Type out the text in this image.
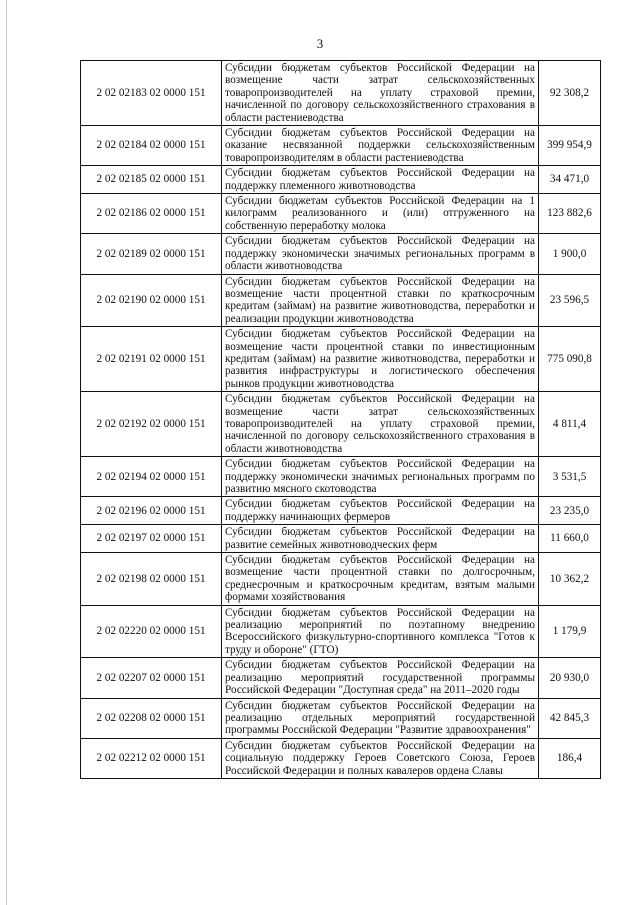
3
2 02 02183 02 0000 151	Субсидии бюджетам субъектов Российской Федерации на возмещение части затрат сельскохозяйственных товаропроизводителей на уплату страховой премии, начисленной по договору сельскохозяйственного страхования в области растениеводства	92 308,2
2 02 02184 02 0000 151	Субсидии бюджетам субъектов Российской Федерации на оказание несвязанной поддержки сельскохозяйственным товаропроизводителям в области растениеводства	399 954,9
2 02 02185 02 0000 151	Субсидии бюджетам субъектов Российской Федерации на поддержку племенного животноводства	34 471,0
2 02 02186 02 0000 151	Субсидии бюджетам субъектов Российской Федерации на 1 килограмм реализованного и (или) отгруженного на собственную переработку молока	123 882,6
2 02 02189 02 0000 151	Субсидии бюджетам субъектов Российской Федерации на поддержку экономически значимых региональных программ в области животноводства	1 900,0
2 02 02190 02 0000 151	Субсидии бюджетам субъектов Российской Федерации на возмещение части процентной ставки по краткосрочным кредитам (займам) на развитие животноводства, переработки и реализации продукции животноводства	23 596,5
2 02 02191 02 0000 151	Субсидии бюджетам субъектов Российской Федерации на возмещение части процентной ставки по инвестиционным кредитам (займам) на развитие животноводства, переработки и развития инфраструктуры и логистического обеспечения рынков продукции животноводства	775 090,8
2 02 02192 02 0000 151	Субсидии бюджетам субъектов Российской Федерации на возмещение части затрат сельскохозяйственных товаропроизводителей на уплату страховой премии, начисленной по договору сельскохозяйственного страхования в области животноводства	4 811,4
2 02 02194 02 0000 151	Субсидии бюджетам субъектов Российской Федерации на поддержку экономически значимых региональных программ по развитию мясного скотоводства	3 531,5
2 02 02196 02 0000 151	Субсидии бюджетам субъектов Российской Федерации на поддержку начинающих фермеров	23 235,0
2 02 02197 02 0000 151	Субсидии бюджетам субъектов Российской Федерации на развитие семейных животноводческих ферм	11 660,0
2 02 02198 02 0000 151	Субсидии бюджетам субъектов Российской Федерации на возмещение части процентной ставки по долгосрочным, среднесрочным и краткосрочным кредитам, взятым малыми формами хозяйствования	10 362,2
2 02 02220 02 0000 151	Субсидии бюджетам субъектов Российской Федерации на реализацию мероприятий по поэтапному внедрению Всероссийского физкультурно-спортивного комплекса "Готов к труду и обороне" (ГТО)	1 179,9
2 02 02207 02 0000 151	Субсидии бюджетам субъектов Российской Федерации на реализацию мероприятий государственной программы Российской Федерации "Доступная среда" на 2011–2020 годы	20 930,0
2 02 02208 02 0000 151	Субсидии бюджетам субъектов Российской Федерации на реализацию отдельных мероприятий государственной программы Российской Федерации "Развитие здравоохранения"	42 845,3
2 02 02212 02 0000 151	Субсидии бюджетам субъектов Российской Федерации на социальную поддержку Героев Советского Союза, Героев Российской Федерации и полных кавалеров ордена Славы	186,4
